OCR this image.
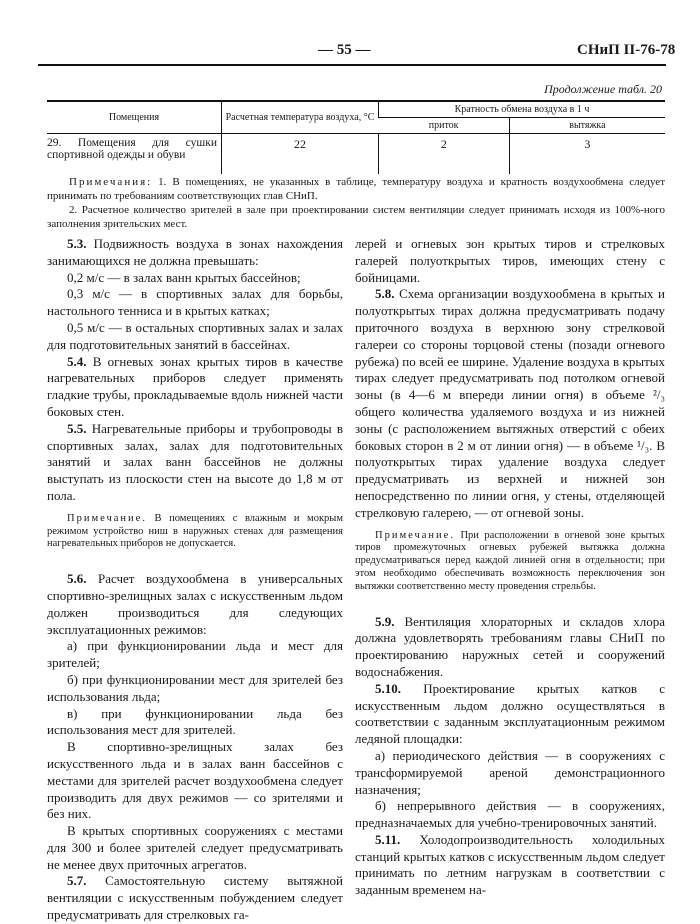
— 55 —	СНиП II-76-78
Продолжение табл. 20
Помещения	Расчетная температура воздуха, °С	Кратность обмена воздуха в 1 ч	
		приток	вытяжка
29. Помещения для сушки спортивной одежды и обуви	22	2	3

Примечания: 1. В помещениях, не указанных в таблице, температуру воздуха и кратность воздухообмена следует принимать по требованиям соответствующих глав СНиП.

2. Расчетное количество зрителей в зале при проектировании систем вентиляции следует принимать исходя из 100%-ного заполнения зрительских мест.

5.3. Подвижность воздуха в зонах нахождения занимающихся не должна превышать:

0,2 м/с — в залах ванн крытых бассейнов;

0,3 м/с — в спортивных залах для борьбы, настольного тенниса и в крытых катках;

0,5 м/с — в остальных спортивных залах и залах для подготовительных занятий в бассейнах.

5.4. В огневых зонах крытых тиров в качестве нагревательных приборов следует применять гладкие трубы, прокладываемые вдоль нижней части боковых стен.

5.5. Нагревательные приборы и трубопроводы в спортивных залах, залах для подготовительных занятий и залах ванн бассейнов не должны выступать из плоскости стен на высоте до 1,8 м от пола.

Примечание. В помещениях с влажным и мокрым режимом устройство ниш в наружных стенах для размещения нагревательных приборов не допускается.

5.6. Расчет воздухообмена в универсальных спортивно-зрелищных залах с искусственным льдом должен производиться для следующих эксплуатационных режимов:

а) при функционировании льда и мест для зрителей;

б) при функционировании мест для зрителей без использования льда;

в) при функционировании льда без использования мест для зрителей.

В спортивно-зрелищных залах без искусственного льда и в залах ванн бассейнов с местами для зрителей расчет воздухообмена следует производить для двух режимов — со зрителями и без них.

В крытых спортивных сооружениях с местами для 300 и более зрителей следует предусматривать не менее двух приточных агрегатов.

5.7. Самостоятельную систему вытяжной вентиляции с искусственным побуждением следует предусматривать для стрелковых га-

лерей и огневых зон крытых тиров и стрелковых галерей полуоткрытых тиров, имеющих стену с бойницами.

5.8. Схема организации воздухообмена в крытых и полуоткрытых тирах должна предусматривать подачу приточного воздуха в верхнюю зону стрелковой галереи со стороны торцовой стены (позади огневого рубежа) по всей ее ширине. Удаление воздуха в крытых тирах следует предусматривать под потолком огневой зоны (в 4—6 м впереди линии огня) в объеме ²/₃ общего количества удаляемого воздуха и из нижней зоны (с расположением вытяжных отверстий с обеих боковых сторон в 2 м от линии огня) — в объеме ¹/₃. В полуоткрытых тирах удаление воздуха следует предусматривать из верхней и нижней зон непосредственно по линии огня, у стены, отделяющей стрелковую галерею, — от огневой зоны.

Примечание. При расположении в огневой зоне крытых тиров промежуточных огневых рубежей вытяжка должна предусматриваться перед каждой линией огня в отдельности; при этом необходимо обеспечивать возможность переключения зон вытяжки соответственно месту проведения стрельбы.

5.9. Вентиляция хлораторных и складов хлора должна удовлетворять требованиям главы СНиП по проектированию наружных сетей и сооружений водоснабжения.

5.10. Проектирование крытых катков с искусственным льдом должно осуществляться в соответствии с заданным эксплуатационным режимом ледяной площадки:

а) периодического действия — в сооружениях с трансформируемой ареной демонстрационного назначения;

б) непрерывного действия — в сооружениях, предназначаемых для учебно-тренировочных занятий.

5.11. Холодопроизводительность холодильных станций крытых катков с искусственным льдом следует принимать по летним нагрузкам в соответствии с заданным временем на-
